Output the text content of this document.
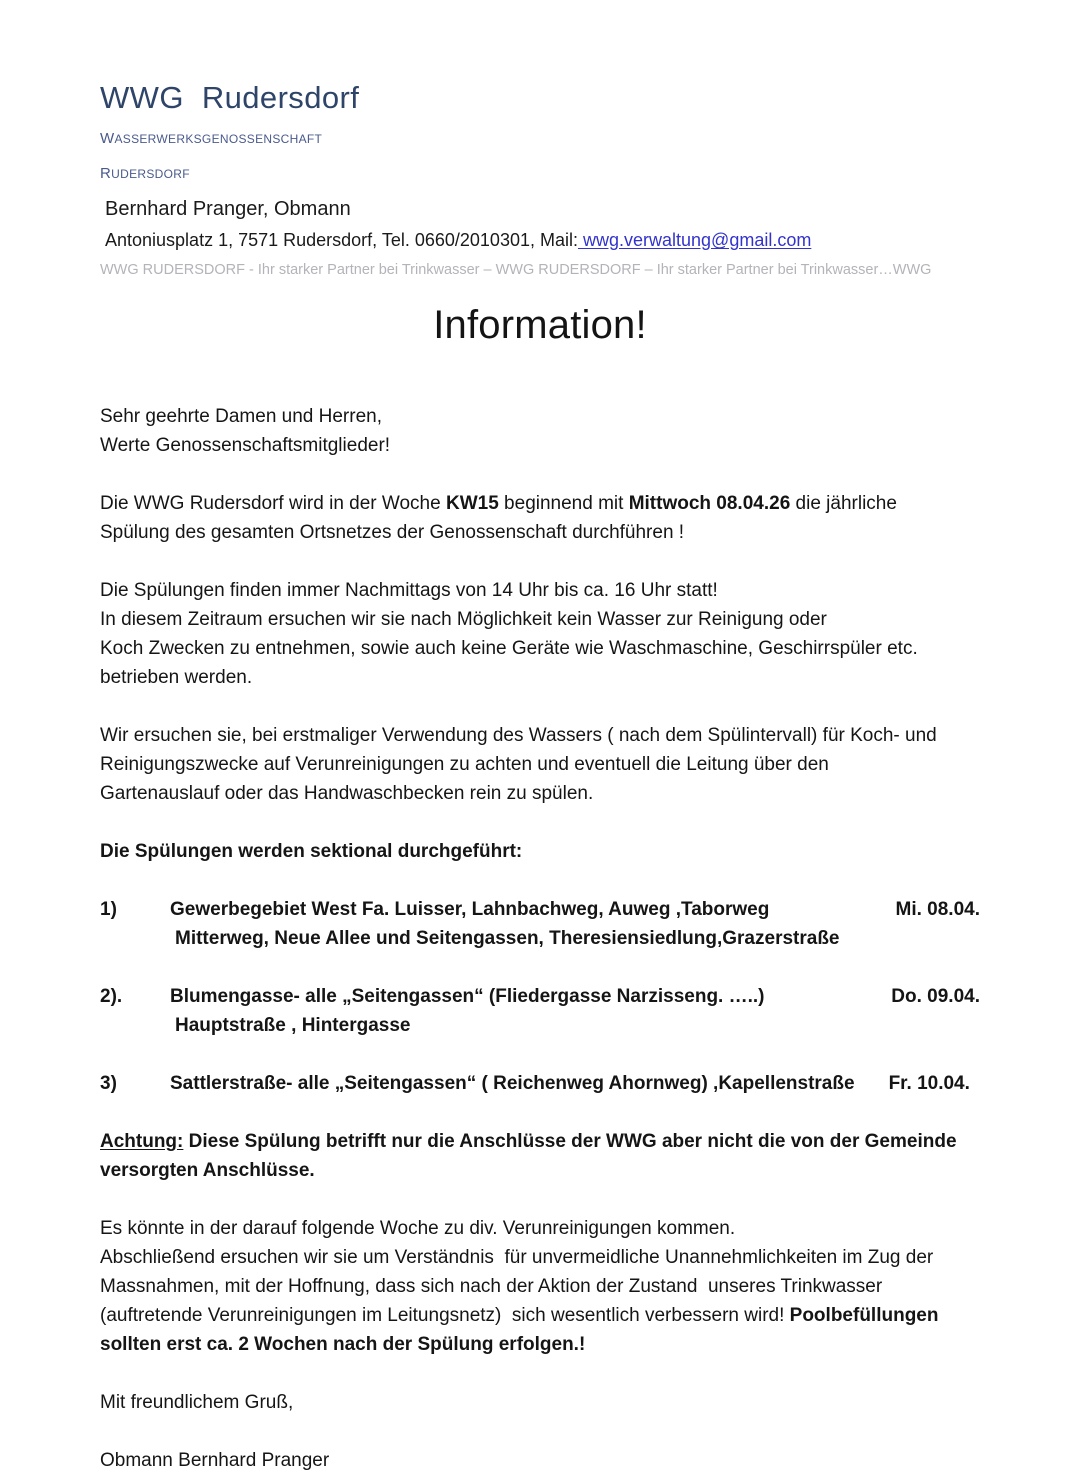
WWG  Rudersdorf
wasserwerksgenossenschaft
rudersdorf
Bernhard Pranger, Obmann
Antoniusplatz 1, 7571 Rudersdorf, Tel. 0660/2010301, Mail: wwg.verwaltung@gmail.com
WWG RUDERSDORF - Ihr starker Partner bei Trinkwasser – WWG RUDERSDORF – Ihr starker Partner bei Trinkwasser…WWG
Information!
Sehr geehrte Damen und Herren,
Werte Genossenschaftsmitglieder!
Die WWG Rudersdorf wird in der Woche KW15 beginnend mit Mittwoch 08.04.26 die jährliche
Spülung des gesamten Ortsnetzes der Genossenschaft durchführen !
Die Spülungen finden immer Nachmittags von 14 Uhr bis ca. 16 Uhr statt!
In diesem Zeitraum ersuchen wir sie nach Möglichkeit kein Wasser zur Reinigung oder
Koch Zwecken zu entnehmen, sowie auch keine Geräte wie Waschmaschine, Geschirrspüler etc.
betrieben werden.
Wir ersuchen sie, bei erstmaliger Verwendung des Wassers ( nach dem Spülintervall) für Koch- und
Reinigungszwecke auf Verunreinigungen zu achten und eventuell die Leitung über den
Gartenauslauf oder das Handwaschbecken rein zu spülen.
Die Spülungen werden sektional durchgeführt:
1)	Gewerbegebiet West Fa. Luisser, Lahnbachweg, Auweg ,Taborweg	Mi. 08.04.
Mitterweg, Neue Allee und Seitengassen, Theresiensiedlung,Grazerstraße
2).	Blumengasse- alle „Seitengassen“ (Fliedergasse Narzisseng. …..)	Do. 09.04.
Hauptstraße , Hintergasse
3)	Sattlerstraße- alle „Seitengassen“ ( Reichenweg Ahornweg) ,Kapellenstraße Fr. 10.04.
Achtung: Diese Spülung betrifft nur die Anschlüsse der WWG aber nicht die von der Gemeinde
versorgten Anschlüsse.
Es könnte in der darauf folgende Woche zu div. Verunreinigungen kommen.
Abschließend ersuchen wir sie um Verständnis  für unvermeidliche Unannehmlichkeiten im Zug der
Massnahmen, mit der Hoffnung, dass sich nach der Aktion der Zustand  unseres Trinkwasser
(auftretende Verunreinigungen im Leitungsnetz)  sich wesentlich verbessern wird! Poolbefüllungen
sollten erst ca. 2 Wochen nach der Spülung erfolgen.!
Mit freundlichem Gruß,
Obmann Bernhard Pranger
